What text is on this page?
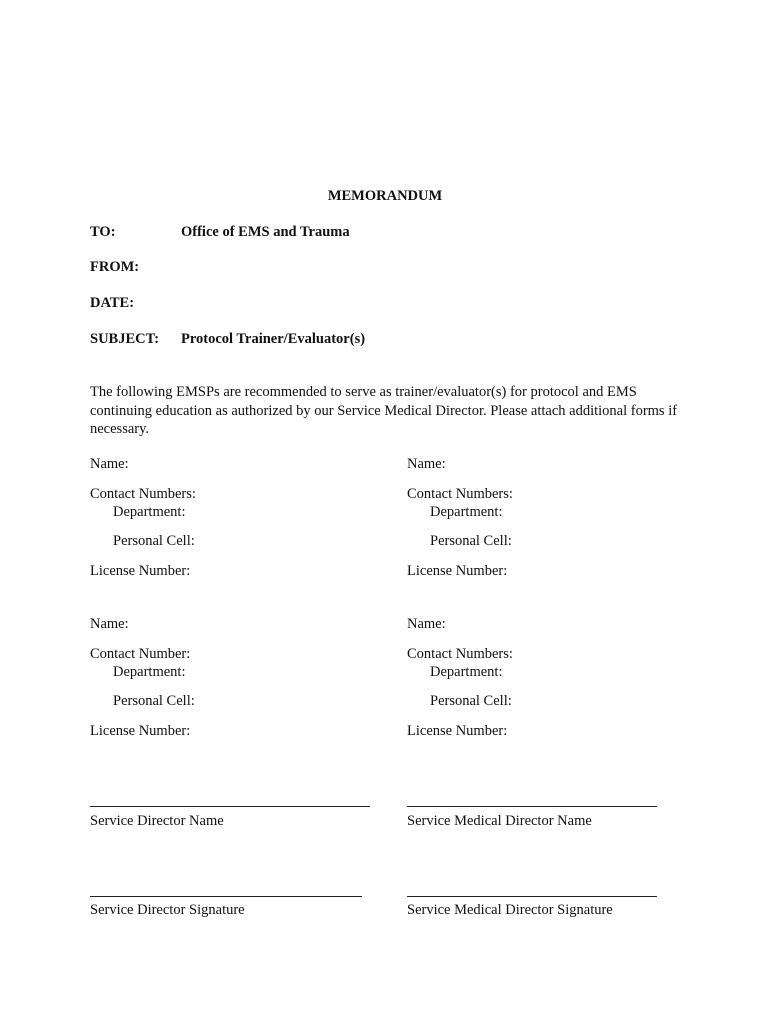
MEMORANDUM
TO:	Office of EMS and Trauma
FROM:
DATE:
SUBJECT: Protocol Trainer/Evaluator(s)
The following EMSPs are recommended to serve as trainer/evaluator(s) for protocol and EMS continuing education as authorized by our Service Medical Director. Please attach additional forms if necessary.
Name:
Contact Numbers:
Department:
Personal Cell:
License Number:
Name:
Contact Numbers:
Department:
Personal Cell:
License Number:
Name:
Contact Number:
Department:
Personal Cell:
License Number:
Name:
Contact Numbers:
Department:
Personal Cell:
License Number:
Service Director Name	Service Medical Director Name
Service Director Signature	Service Medical Director Signature
